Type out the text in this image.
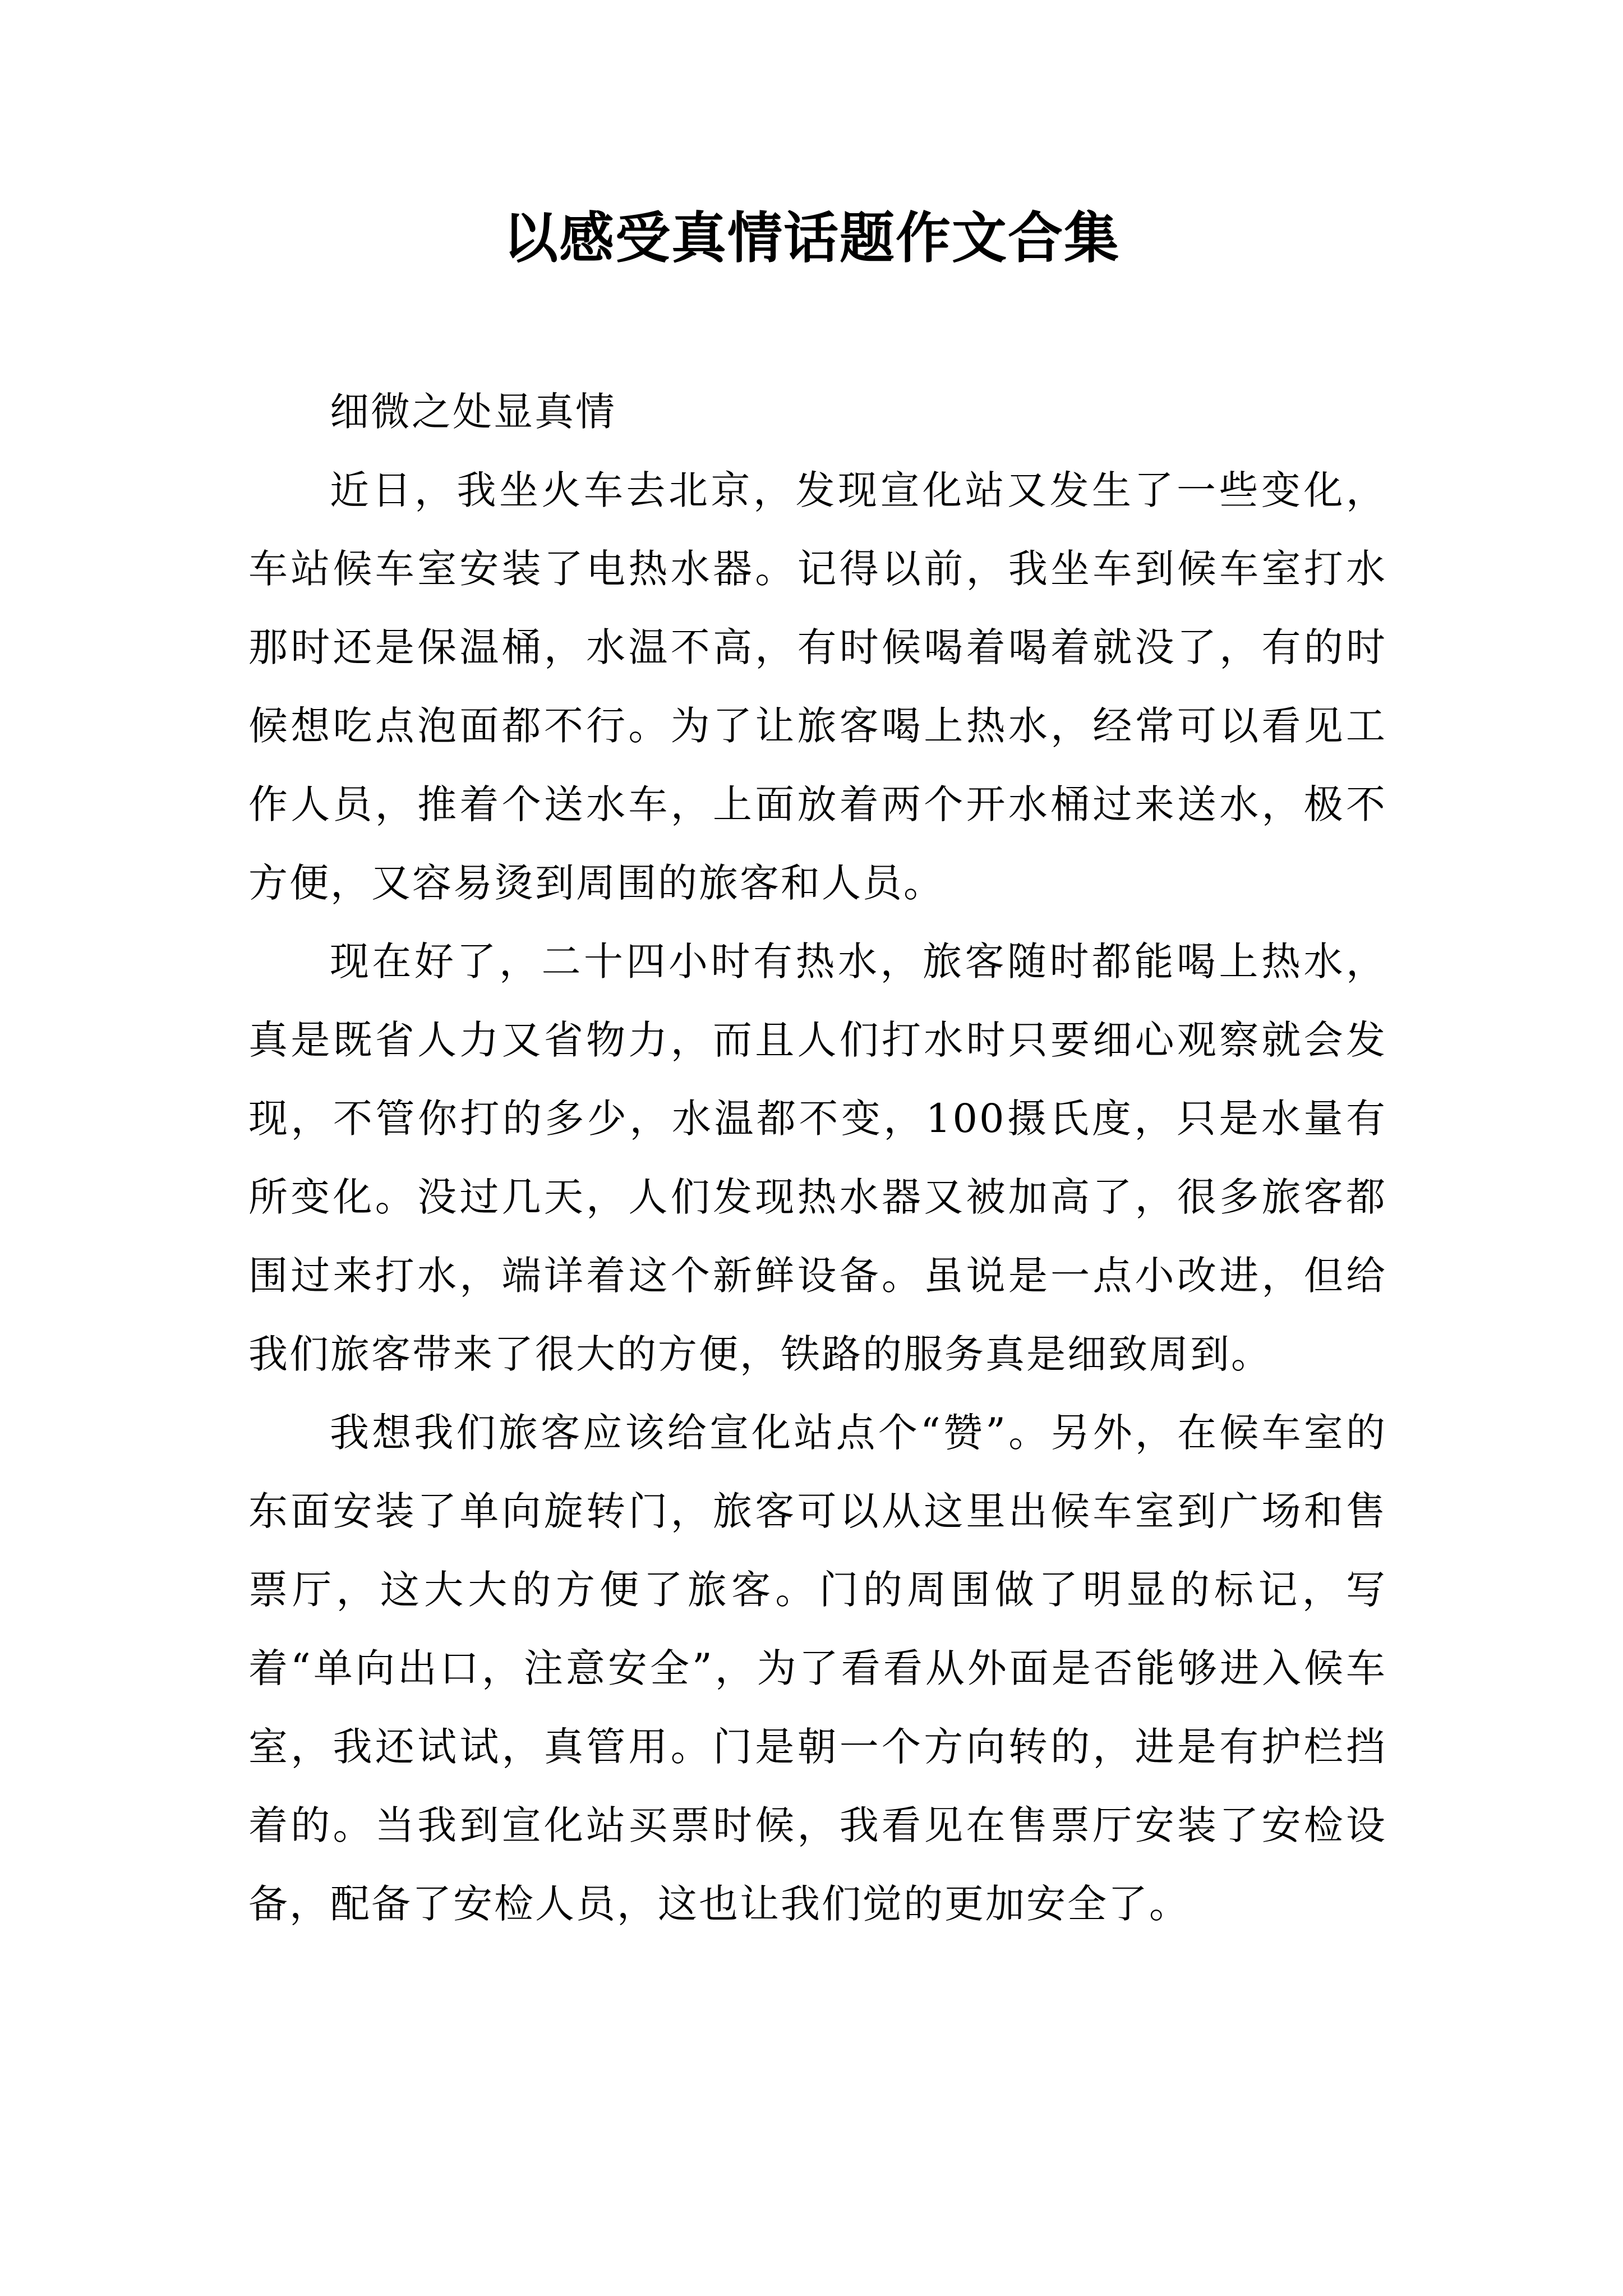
以感受真情话题作文合集

细微之处显真情

近日，我坐火车去北京，发现宣化站又发生了一些变化，车站候车室安装了电热水器。记得以前，我坐车到候车室打水那时还是保温桶，水温不高，有时候喝着喝着就没了，有的时候想吃点泡面都不行。为了让旅客喝上热水，经常可以看见工作人员，推着个送水车，上面放着两个开水桶过来送水，极不方便，又容易烫到周围的旅客和人员。

现在好了，二十四小时有热水，旅客随时都能喝上热水，真是既省人力又省物力，而且人们打水时只要细心观察就会发现，不管你打的多少，水温都不变，100摄氏度，只是水量有所变化。没过几天，人们发现热水器又被加高了，很多旅客都围过来打水，端详着这个新鲜设备。虽说是一点小改进，但给我们旅客带来了很大的方便，铁路的服务真是细致周到。

我想我们旅客应该给宣化站点个“赞”。另外，在候车室的东面安装了单向旋转门，旅客可以从这里出候车室到广场和售票厅，这大大的方便了旅客。门的周围做了明显的标记，写着“单向出口，注意安全”，为了看看从外面是否能够进入候车室，我还试试，真管用。门是朝一个方向转的，进是有护栏挡着的。当我到宣化站买票时候，我看见在售票厅安装了安检设备，配备了安检人员，这也让我们觉的更加安全了。
